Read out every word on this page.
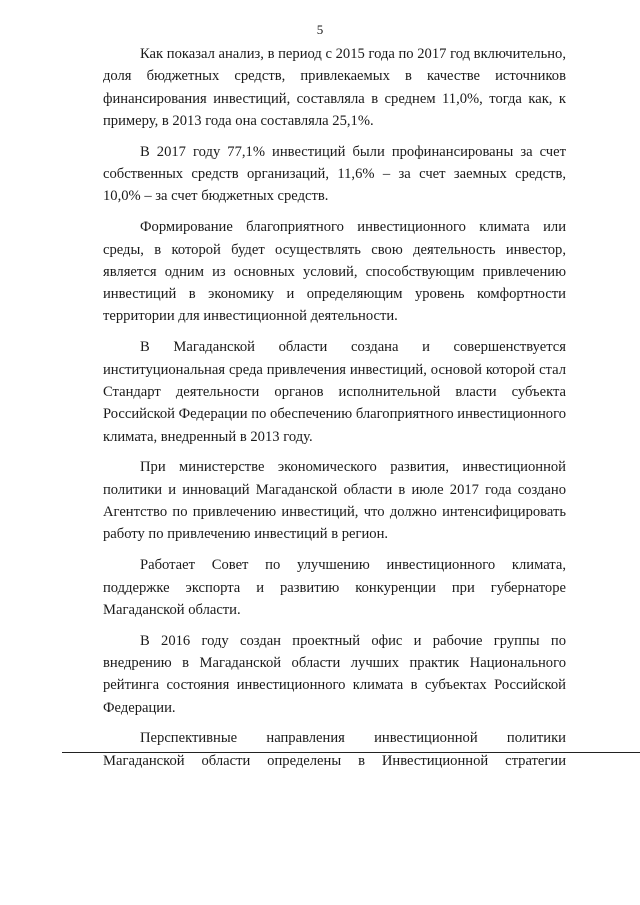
5

Как показал анализ, в период с 2015 года по 2017 год включительно, доля бюджетных средств, привлекаемых в качестве источников финансирования инвестиций, составляла в среднем 11,0%, тогда как, к примеру, в 2013 года она составляла 25,1%.

В 2017 году 77,1% инвестиций были профинансированы за счет собственных средств организаций, 11,6% – за счет заемных средств, 10,0% – за счет бюджетных средств.

Формирование благоприятного инвестиционного климата или среды, в которой будет осуществлять свою деятельность инвестор, является одним из основных условий, способствующим привлечению инвестиций в экономику и определяющим уровень комфортности территории для инвестиционной деятельности.

В Магаданской области создана и совершенствуется институциональная среда привлечения инвестиций, основой которой стал Стандарт деятельности органов исполнительной власти субъекта Российской Федерации по обеспечению благоприятного инвестиционного климата, внедренный в 2013 году.

При министерстве экономического развития, инвестиционной политики и инноваций Магаданской области в июле 2017 года создано Агентство по привлечению инвестиций, что должно интенсифицировать работу по привлечению инвестиций в регион.

Работает Совет по улучшению инвестиционного климата, поддержке экспорта и развитию конкуренции при губернаторе Магаданской области.

В 2016 году создан проектный офис и рабочие группы по внедрению в Магаданской области лучших практик Национального рейтинга состояния инвестиционного климата в субъектах Российской Федерации.

Перспективные направления инвестиционной политики Магаданской области определены в Инвестиционной стратегии
